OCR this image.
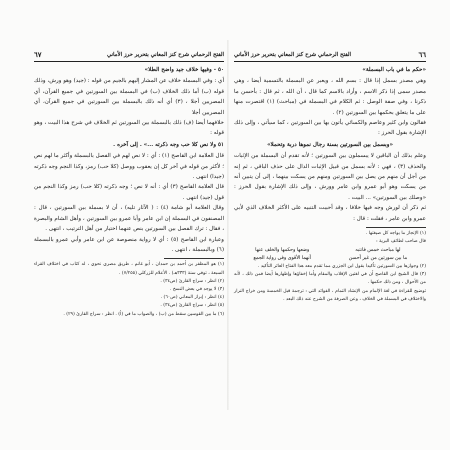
الفتح الرحماني شرح كنز المعاني بتحرير حرز الأماني
٦٧

٥٠ - وفيها خلاف جيد واضح الطلا»

أي : وفي البسملة خلاف عن المشار إليهم بالجيم من قوله : (جيد) وهو ورش، وذلك قوله (ب) أما ذلك الخلاف (ب) في البسملة بين السورتين في جميع القرآن، أي المصريين أجلا ، (٣) أي أنه ذلك بالبسملة بين السورتين في جميع القرآن، أي المصريين أجلا

خلافهما أيضا (ف) ذلك بالبسملة بين السورتين ثم الخلاف في شرح هذا البيت ، وهو قوله :

٥١ ولا نص كلا حب وجه ذكرته ...» . إلى آخره .

قال العلامة ابن القاصح (١) : أي : لا نص لهم في الفصل بالبسملة وأكثر ما لهم نص ؛ لأكثر من قوله في آخر كل إن يعقوب ووصل (كلا حب) رمز، وكذا النجم وجه ذكرته (جيدا) انتهى .

قال العلامة القاصح (٣) أي : أنه لا نص ؛ وجه ذكرته (كلا حب) رمز وكذا النجم من قول (جيد) انتهى .

وقال العلامة أبو شامة (٤) : ( الآثار تليه) ، أن لا بسملة بين السورتين ، قال : المصنفون في البسملة إن ابن عامر وأبا عمرو بين السورتين ، وأهل الشام والبصرة ، فقال : ترك الفصل بين السورتين بنص عنهما اختيار من أهل الترتيب ، انتهى .

وعبارة ابن القاصح (٥) : أي لا رواية منصوصة عن ابن عامر وأبي عمرو بالبسملة (٦) وبالبسملة ، انتهى .

(١) هو المظفر بن أحمد بن حمدان ، أبو غانم ، طريق مصري نحوي ، له كتاب في اختلاف القراء السبعة ، توفي سنة (٣٣٣هـ) . الأعلام للزركلي (٧/٢٥٥) .

(٢) انظر : سراج القارئ (ص٣٤) .

(٣) لا يوجد في بعض النسخ .

(٤) انظر : إبراز المعاني (ص٦٠) .

(٥) انظر : سراج القارئ (ص٣٤) .

(٦) ما بين القوسين سقط من (ب) ، والصواب ما في (أ) . انظر : سراج القارئ (٢٩) .

٦٦
الفتح الرحماني شرح كنز المعاني بتحرير حرز الأماني

«حكم ما في باب البسملة»

وهي مصدر بسمل إذا قال : بسم الله ، ويعبر عن البسملة بالتسمية أيضا ، وهي مصدر سمى إذا ذكر الاسم ، وأراد بالاسم كما قال ، أن الله ، ثم قال : بأحسن ما ذكرنا ، وفي صفة الوصل : ثم الكلام في البسملة في (مباحث) (١) اقتصرت منها على ما يتعلق بحكمها بين السورتين (٢) .

فقالون وابن كثير وعاصم والكسائي يأتون بها بين السورتين ، كما سيأتي ، وإلى ذلك الإشارة بقول الحرز :

«وبسمل بين السورتين بسنة رجال نموها دربة وتحملا»

وعلم بذلك أن الباقين لا يبسملون بين السورتين ؛ لأنه تقدم أن البسملة من الإثبات والحذف (٣) ، فهي : لأنه بسمل من قبيل الإثبات الدال على حذف الباقي ، ثم إنه من أجل أن منهم من يصل بين السورتين ومنهم من يسكت بينهما ، إلى أن يتبين أنه من يسكت وهو أبو عمرو وابن عامر وورش ، وإلى ذلك الإشارة بقول الحرز : «وصلك بين السورتين» ... البيت .

ثم ذكر أن لورش وجه فيها خلافا ، وقد أحببت التنبيه على الأكثر الخلاف الذي لأبي عمرو وابن عامر ، فقلت : قال :

(١) الإنجاز ما يواجه كل صيغتها .

قال صاحب لطائف البرية :

لها مباحث خمس فانتبه
وضعها وحكمها والخلف عنها
ما بين سورتين من غير أحسن
أنهما الأقوى وفي رواية الجمع

(٢) وجوازها بين السورتين تأكيدا بقول ابن الجزري مما تقدم معه هذا الفتاح العاثر التأكيد .

(٣) قال الشيخ ابن القاصح أن في لغتين الإقلاب والمقام وأما إخفاؤها وإظهارها أيضا فمن ذلك ، لأنه من الأحوال ، ومن ذلك حكمها .

توضيح للقراءة في لغة الإلمام من الإنشاد التمام ، الفوائد التي : ترجمة قبل الخمسة ومن خراج النرار والاختلاف في البسملة في الخلاف ، وعن الصرفة من الشرح عنه ذلك البعد .
